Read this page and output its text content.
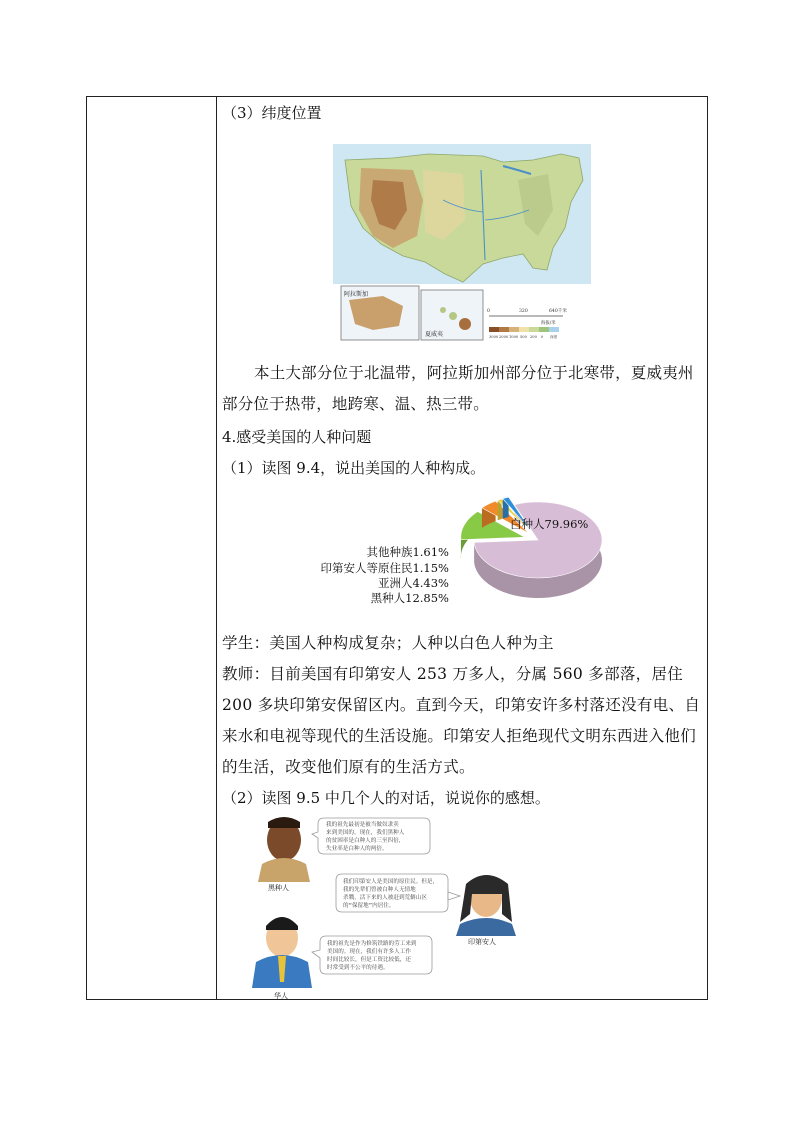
（3）纬度位置
阿拉斯加
夏威夷
0	320	640千米
海拔/米
3000 2000 1000 500 200 0 深度
本土大部分位于北温带，阿拉斯加州部分位于北寒带，夏威夷州部分位于热带，地跨寒、温、热三带。
4.感受美国的人种问题
（1）读图 9.4，说出美国的人种构成。
白种人79.96%
黑种人12.85%
亚洲人4.43%
印第安人等原住民1.15%
其他种族1.61%
学生：美国人种构成复杂；人种以白色人种为主
教师：目前美国有印第安人 253 万多人，分属 560 多部落，居住 200 多块印第安保留区内。直到今天，印第安许多村落还没有电、自来水和电视等现代的生活设施。印第安人拒绝现代文明东西进入他们的生活，改变他们原有的生活方式。
（2）读图 9.5 中几个人的对话，说说你的感想。
黑种人
我的祖先最初是被当做奴隶卖
来到美国的。现在，我们黑种人
的贫困率是白种人的三至四倍，
失业率是白种人的两倍。
印第安人
我们印第安人是美国的原住民。但是，
我的先辈们曾被白种人无情地
杀戮，活下来的人被赶到荒僻山区
的“保留地”内居住。
华人
我的祖先是作为修筑铁路的劳工来到
美国的。现在，我们有许多人工作
时间比较长，但是工资比较低，还
时常受到不公平的待遇。
